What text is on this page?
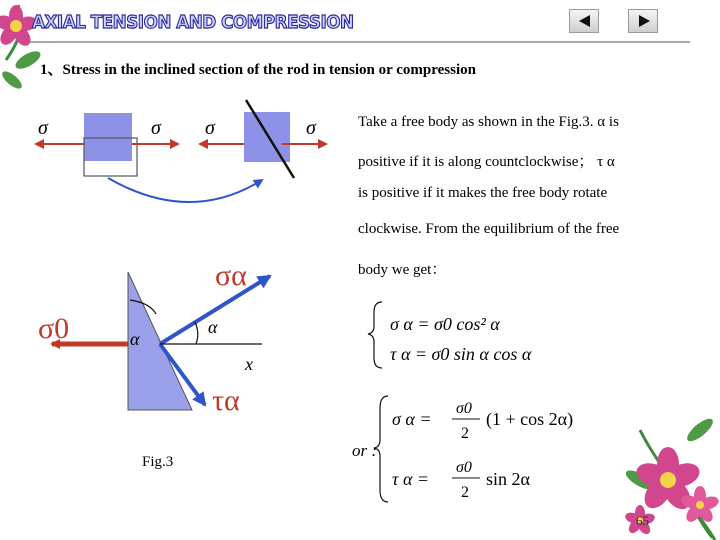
AXIAL TENSION AND COMPRESSION
1、Stress in the inclined section of the rod in tension or compression
σ	σ σ	σ	Take a free body as shown in the Fig.3. α is
positive if it is along countclockwise； τ α
is positive if it makes the free body rotate
clockwise. From the equilibrium of the free
body we get：
σ0
σα
τα
α
α
x
σ α = σ0 cos² α
τ α = σ0 sin α cos α
or :
σ α =
σ0
2
(1 + cos 2α)
τ α =
σ0
2
sin 2α
Fig.3
65
